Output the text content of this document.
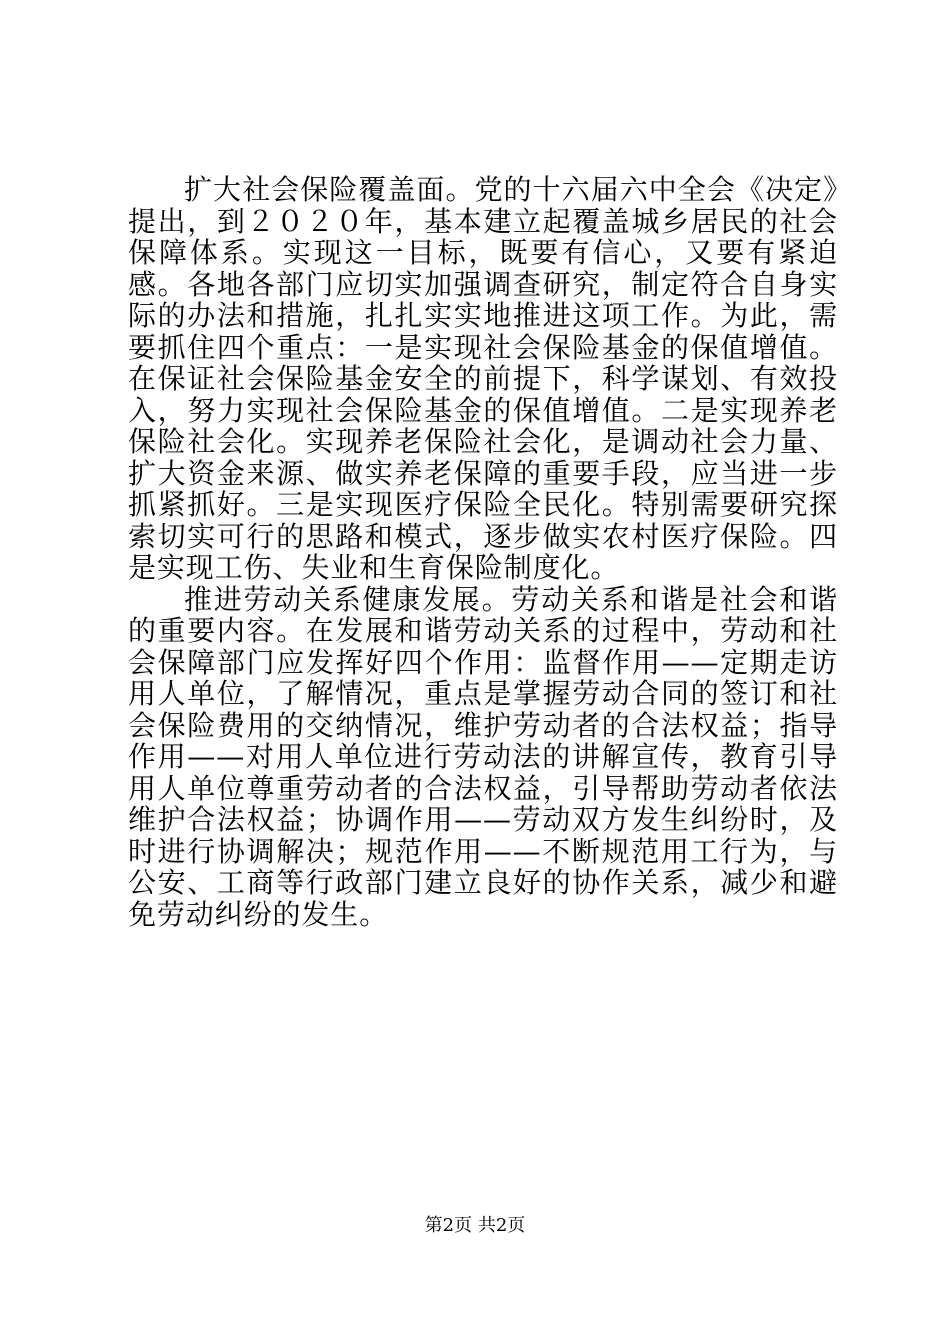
扩大社会保险覆盖面。党的十六届六中全会《决定》提出，到２０２０年，基本建立起覆盖城乡居民的社会保障体系。实现这一目标，既要有信心，又要有紧迫感。各地各部门应切实加强调查研究，制定符合自身实际的办法和措施，扎扎实实地推进这项工作。为此，需要抓住四个重点：一是实现社会保险基金的保值增值。在保证社会保险基金安全的前提下，科学谋划、有效投入，努力实现社会保险基金的保值增值。二是实现养老保险社会化。实现养老保险社会化，是调动社会力量、扩大资金来源、做实养老保障的重要手段，应当进一步抓紧抓好。三是实现医疗保险全民化。特别需要研究探索切实可行的思路和模式，逐步做实农村医疗保险。四是实现工伤、失业和生育保险制度化。

推进劳动关系健康发展。劳动关系和谐是社会和谐的重要内容。在发展和谐劳动关系的过程中，劳动和社会保障部门应发挥好四个作用：监督作用——定期走访用人单位，了解情况，重点是掌握劳动合同的签订和社会保险费用的交纳情况，维护劳动者的合法权益；指导作用——对用人单位进行劳动法的讲解宣传，教育引导用人单位尊重劳动者的合法权益，引导帮助劳动者依法维护合法权益；协调作用——劳动双方发生纠纷时，及时进行协调解决；规范作用——不断规范用工行为，与公安、工商等行政部门建立良好的协作关系，减少和避免劳动纠纷的发生。

第2页 共2页
